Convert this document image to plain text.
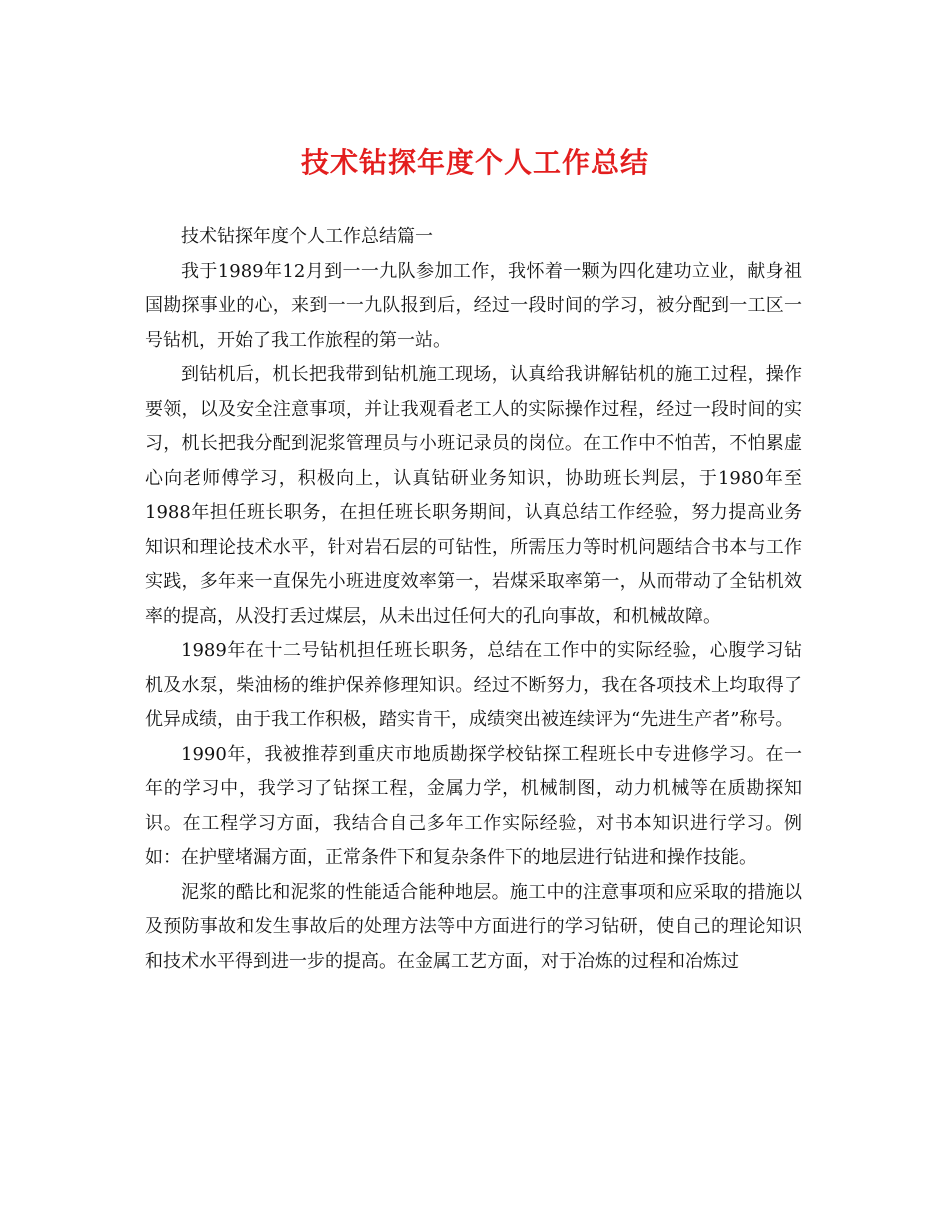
技术钻探年度个人工作总结

技术钻探年度个人工作总结篇一

我于1989年12月到一一九队参加工作，我怀着一颗为四化建功立业，献身祖国勘探事业的心，来到一一九队报到后，经过一段时间的学习，被分配到一工区一号钻机，开始了我工作旅程的第一站。

到钻机后，机长把我带到钻机施工现场，认真给我讲解钻机的施工过程，操作要领，以及安全注意事项，并让我观看老工人的实际操作过程，经过一段时间的实习，机长把我分配到泥浆管理员与小班记录员的岗位。在工作中不怕苦，不怕累虚心向老师傅学习，积极向上，认真钻研业务知识，协助班长判层，于1980年至1988年担任班长职务，在担任班长职务期间，认真总结工作经验，努力提高业务知识和理论技术水平，针对岩石层的可钻性，所需压力等时机问题结合书本与工作实践，多年来一直保先小班进度效率第一，岩煤采取率第一，从而带动了全钻机效率的提高，从没打丢过煤层，从未出过任何大的孔向事故，和机械故障。

1989年在十二号钻机担任班长职务，总结在工作中的实际经验，心腹学习钻机及水泵，柴油杨的维护保养修理知识。经过不断努力，我在各项技术上均取得了优异成绩，由于我工作积极，踏实肯干，成绩突出被连续评为“先进生产者”称号。

1990年，我被推荐到重庆市地质勘探学校钻探工程班长中专进修学习。在一年的学习中，我学习了钻探工程，金属力学，机械制图，动力机械等在质勘探知识。在工程学习方面，我结合自己多年工作实际经验，对书本知识进行学习。例如：在护壁堵漏方面，正常条件下和复杂条件下的地层进行钻进和操作技能。

泥浆的酷比和泥浆的性能适合能种地层。施工中的注意事项和应采取的措施以及预防事故和发生事故后的处理方法等中方面进行的学习钻研，使自己的理论知识和技术水平得到进一步的提高。在金属工艺方面，对于冶炼的过程和冶炼过
